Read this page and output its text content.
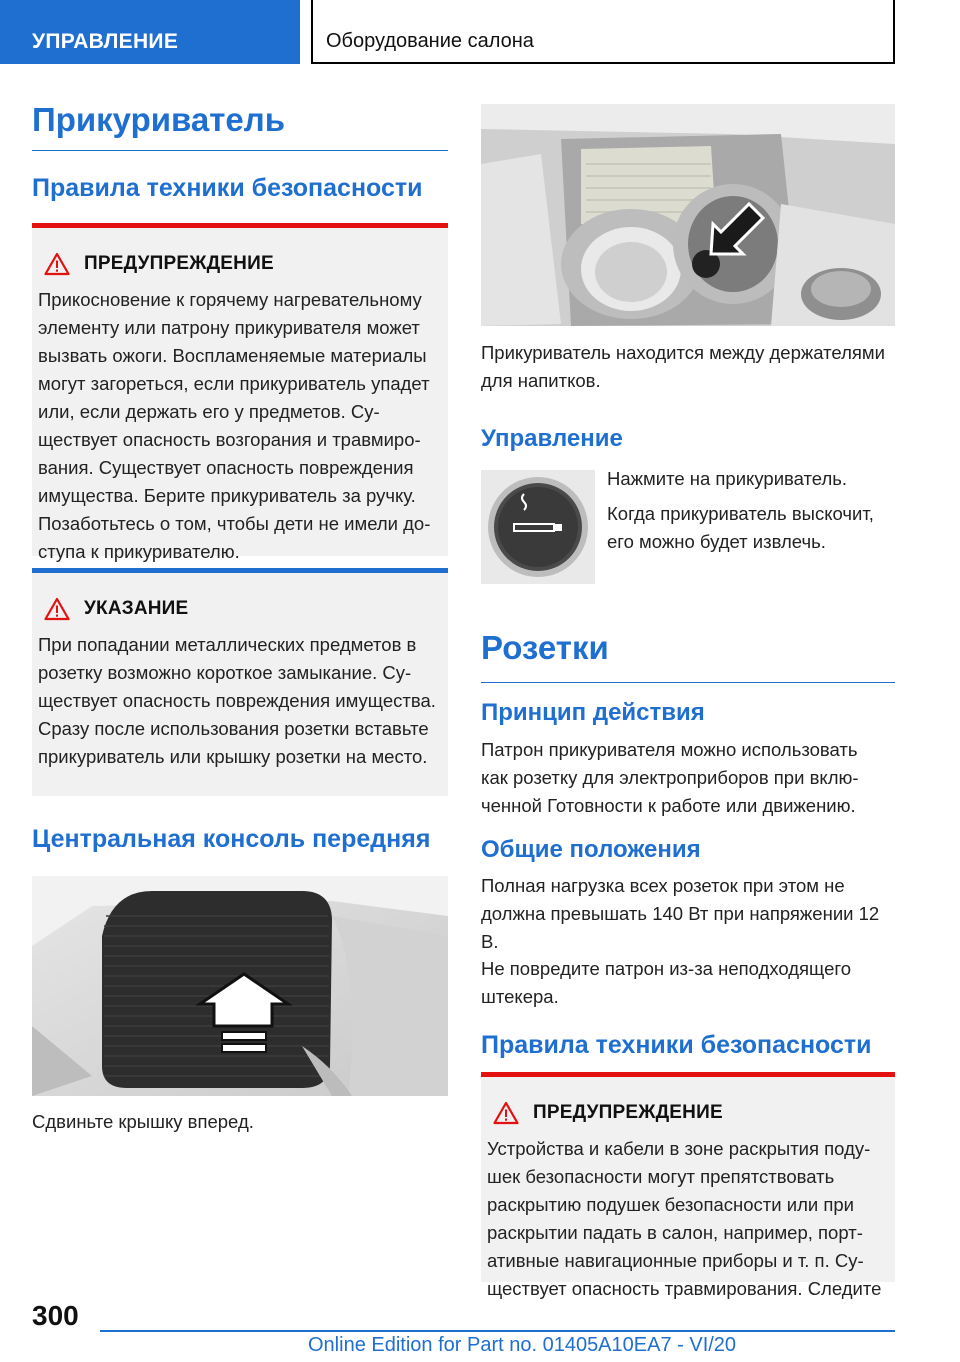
УПРАВЛЕНИЕ	Оборудование салона
Прикуриватель
Правила техники безопасности
ПРЕДУПРЕЖДЕНИЕ

Прикосновение к горячему нагревательному элементу или патрону прикуривателя может вызвать ожоги. Воспламеняемые материалы могут загореться, если прикуриватель упадет или, если держать его у предметов. Существует опасность возгорания и травмирования. Существует опасность повреждения имущества. Берите прикуриватель за ручку. Позаботьтесь о том, чтобы дети не имели доступа к прикуривателю.

УКАЗАНИЕ

При попадании металлических предметов в розетку возможно короткое замыкание. Существует опасность повреждения имущества. Сразу после использования розетки вставьте прикуриватель или крышку розетки на место.

Центральная консоль передняя

Сдвиньте крышку вперед.

Прикуриватель находится между держателями для напитков.

Управление

Нажмите на прикуриватель.

Когда прикуриватель выскочит, его можно будет извлечь.

Розетки
Принцип действия

Патрон прикуривателя можно использовать как розетку для электроприборов при включенной Готовности к работе или движению.

Общие положения

Полная нагрузка всех розеток при этом не должна превышать 140 Вт при напряжении 12 В.

Не повредите патрон из-за неподходящего штекера.

Правила техники безопасности
ПРЕДУПРЕЖДЕНИЕ

Устройства и кабели в зоне раскрытия подушек безопасности могут препятствовать раскрытию подушек безопасности или при раскрытии падать в салон, например, портативные навигационные приборы и т. п. Существует опасность травмирования. Следите

300
Online Edition for Part no. 01405A10EA7 - VI/20
